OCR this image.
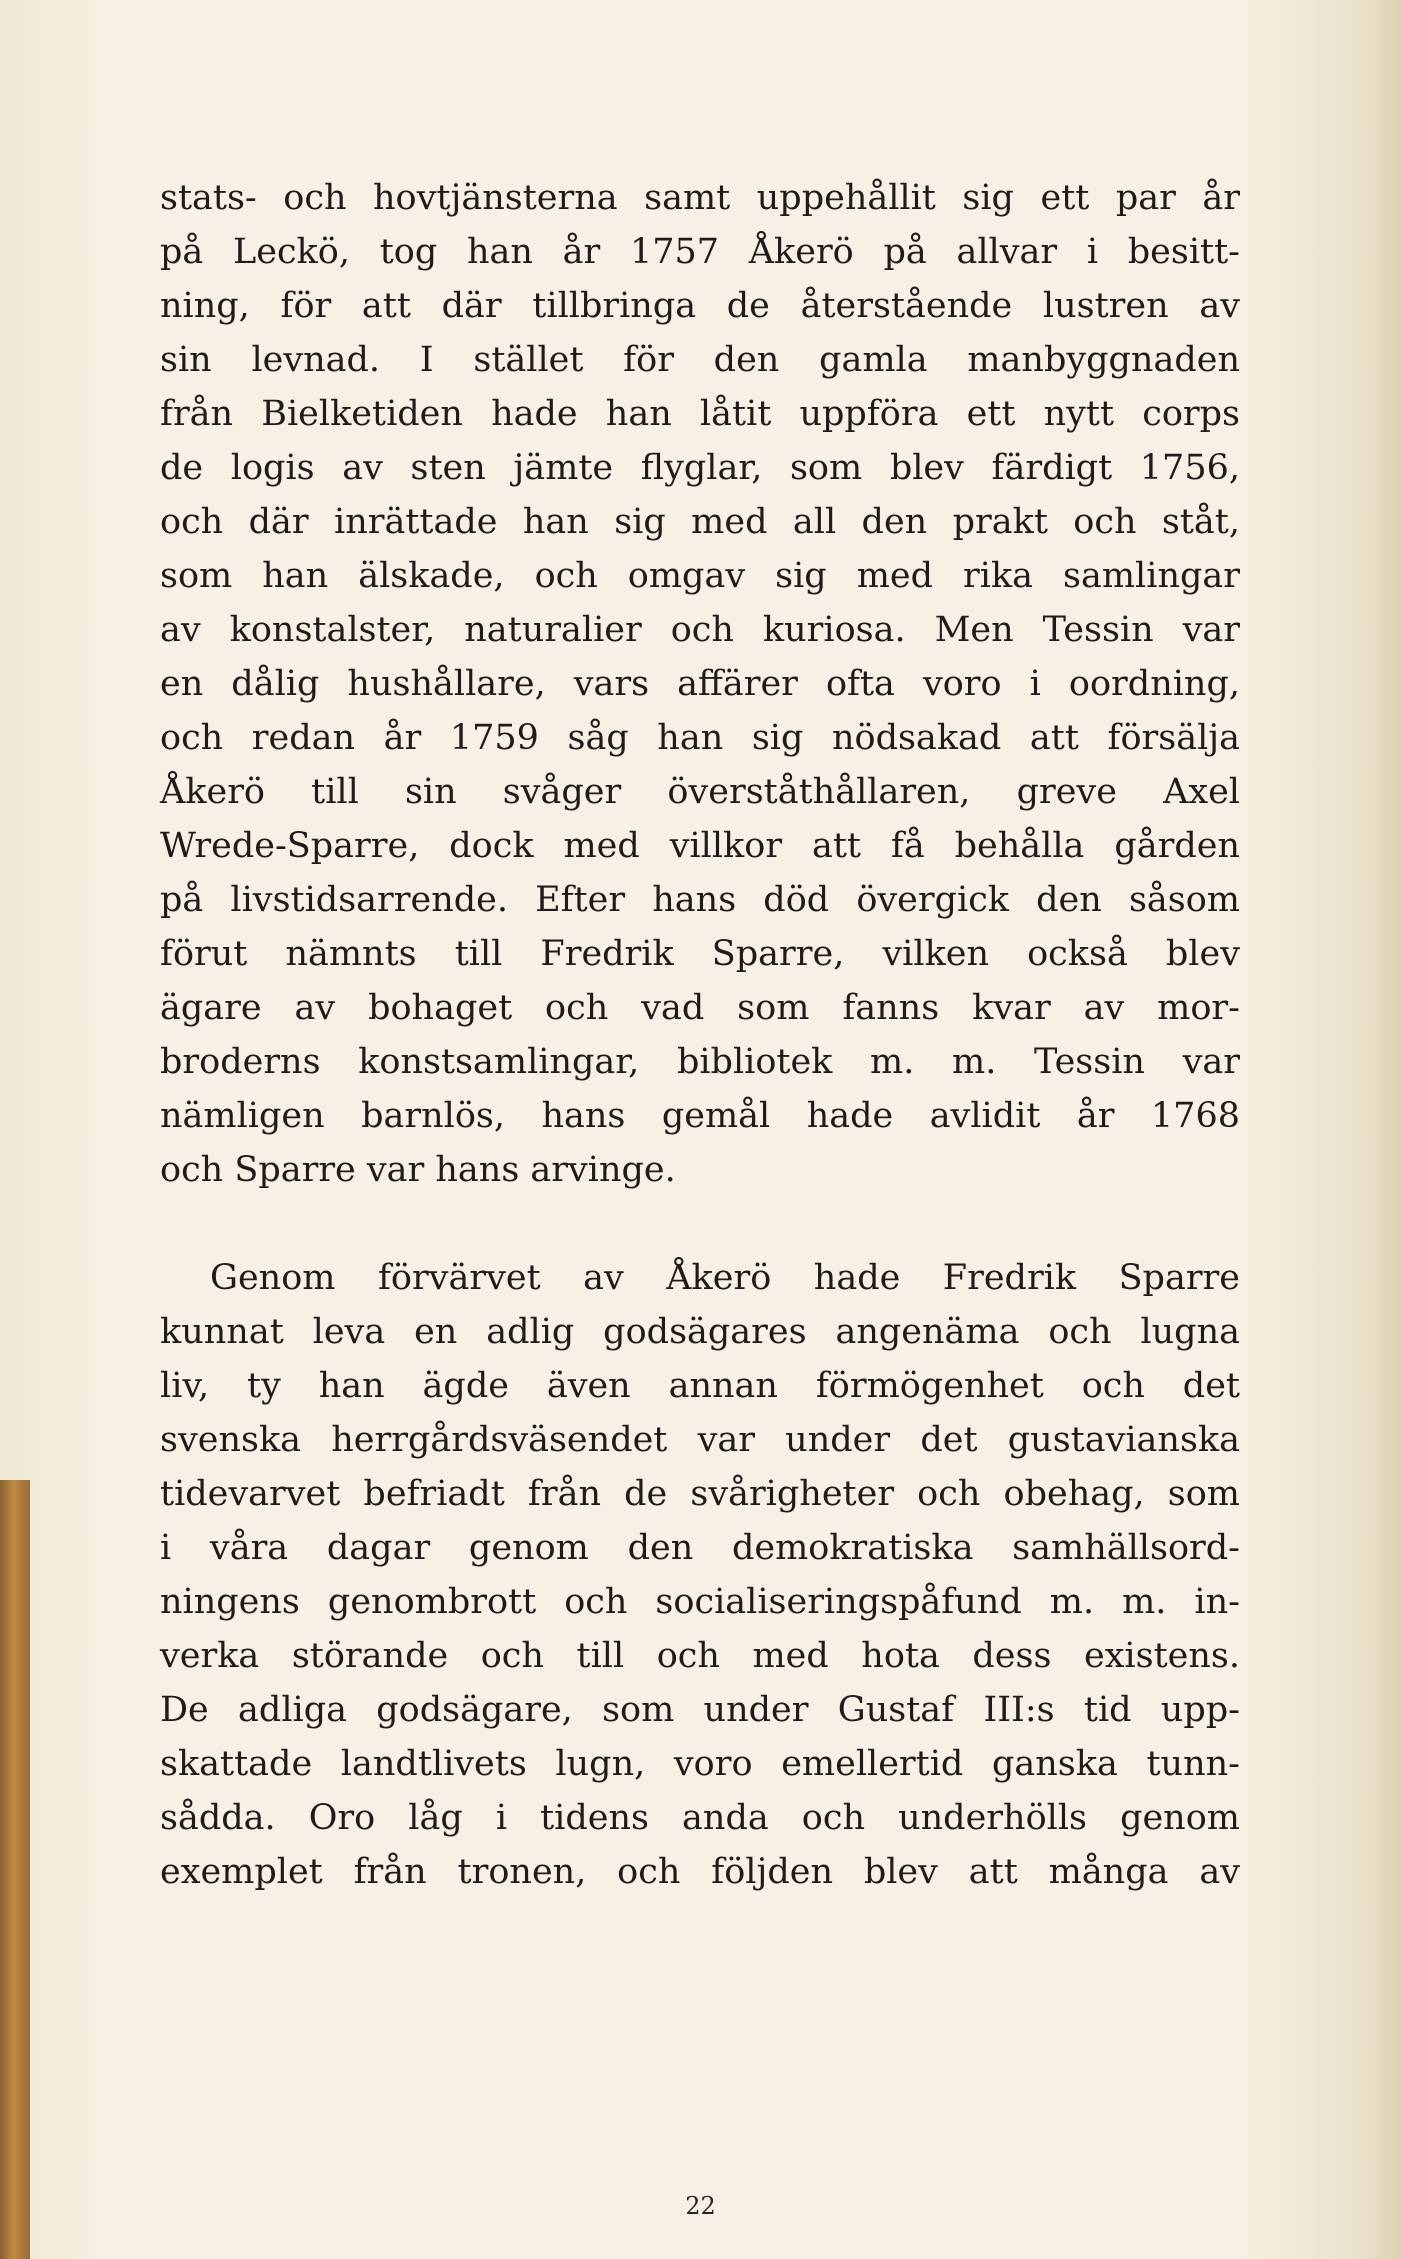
stats- och hovtjänsterna samt uppehållit sig ett par år
på Leckö, tog han år 1757 Åkerö på allvar i besitt-
ning, för att där tillbringa de återstående lustren av
sin levnad. I stället för den gamla manbyggnaden
från Bielketiden hade han låtit uppföra ett nytt corps
de logis av sten jämte flyglar, som blev färdigt 1756,
och där inrättade han sig med all den prakt och ståt,
som han älskade, och omgav sig med rika samlingar
av konstalster, naturalier och kuriosa. Men Tessin var
en dålig hushållare, vars affärer ofta voro i oordning,
och redan år 1759 såg han sig nödsakad att försälja
Åkerö till sin svåger överståthållaren, greve Axel
Wrede-Sparre, dock med villkor att få behålla gården
på livstidsarrende. Efter hans död övergick den såsom
förut nämnts till Fredrik Sparre, vilken också blev
ägare av bohaget och vad som fanns kvar av mor-
broderns konstsamlingar, bibliotek m. m. Tessin var
nämligen barnlös, hans gemål hade avlidit år 1768
och Sparre var hans arvinge.
Genom förvärvet av Åkerö hade Fredrik Sparre
kunnat leva en adlig godsägares angenäma och lugna
liv, ty han ägde även annan förmögenhet och det
svenska herrgårdsväsendet var under det gustavianska
tidevarvet befriadt från de svårigheter och obehag, som
i våra dagar genom den demokratiska samhällsord-
ningens genombrott och socialiseringspåfund m. m. in-
verka störande och till och med hota dess existens.
De adliga godsägare, som under Gustaf III:s tid upp-
skattade landtlivets lugn, voro emellertid ganska tunn-
sådda. Oro låg i tidens anda och underhölls genom
exemplet från tronen, och följden blev att många av
22
